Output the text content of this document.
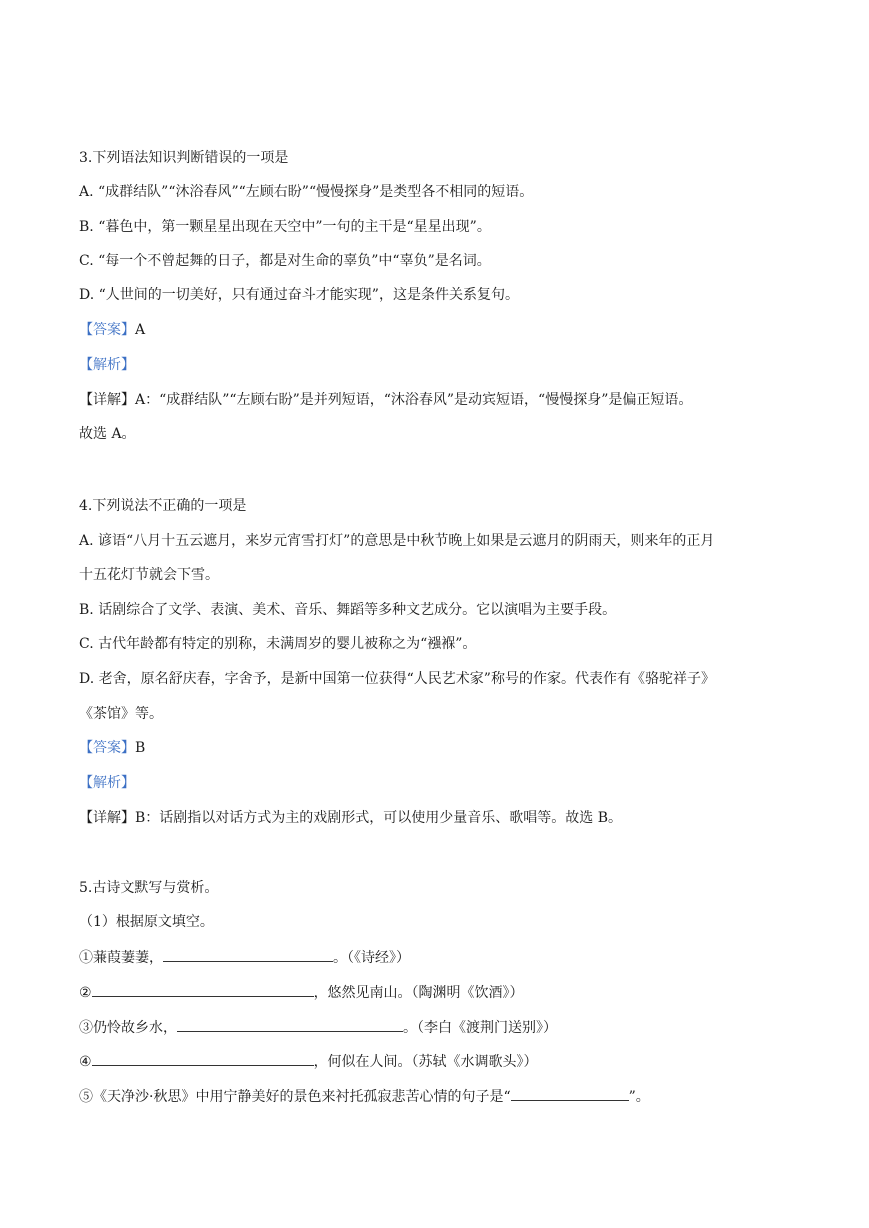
3.下列语法知识判断错误的一项是
A. “成群结队”“沐浴春风”“左顾右盼”“慢慢探身”是类型各不相同的短语。
B. “暮色中，第一颗星星出现在天空中”一句的主干是“星星出现”。
C. “每一个不曾起舞的日子，都是对生命的辜负”中“辜负”是名词。
D. “人世间的一切美好，只有通过奋斗才能实现”，这是条件关系复句。
【答案】A
【解析】
【详解】A：“成群结队”“左顾右盼”是并列短语，“沐浴春风”是动宾短语，“慢慢探身”是偏正短语。
故选 A。
4.下列说法不正确的一项是
A. 谚语“八月十五云遮月，来岁元宵雪打灯”的意思是中秋节晚上如果是云遮月的阴雨天，则来年的正月
十五花灯节就会下雪。
B. 话剧综合了文学、表演、美术、音乐、舞蹈等多种文艺成分。它以演唱为主要手段。
C. 古代年龄都有特定的别称，未满周岁的婴儿被称之为“襁褓”。
D. 老舍，原名舒庆春，字舍予，是新中国第一位获得“人民艺术家”称号的作家。代表作有《骆驼祥子》
《茶馆》等。
【答案】B
【解析】
【详解】B：话剧指以对话方式为主的戏剧形式，可以使用少量音乐、歌唱等。故选 B。
5.古诗文默写与赏析。
（1）根据原文填空。
①蒹葭萋萋，	。（《诗经》）
②	，悠然见南山。（陶渊明《饮酒》）
③仍怜故乡水，	。（李白《渡荆门送别》）
④	，何似在人间。（苏轼《水调歌头》）
⑤《天净沙·秋思》中用宁静美好的景色来衬托孤寂悲苦心情的句子是“	”。
